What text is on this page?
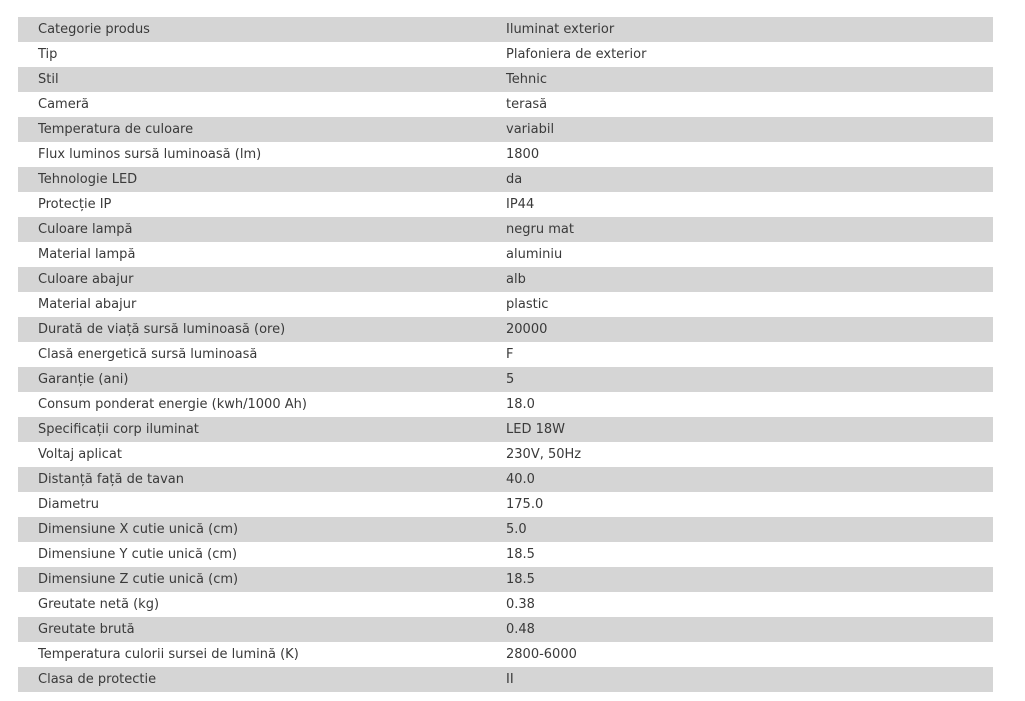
Categorie produs	Iluminat exterior
Tip	Plafoniera de exterior
Stil	Tehnic
Cameră	terasă
Temperatura de culoare	variabil
Flux luminos sursă luminoasă (lm)	1800
Tehnologie LED	da
Protecție IP	IP44
Culoare lampă	negru mat
Material lampă	aluminiu
Culoare abajur	alb
Material abajur	plastic
Durată de viață sursă luminoasă (ore)	20000
Clasă energetică sursă luminoasă	F
Garanție (ani)	5
Consum ponderat energie (kwh/1000 Ah)	18.0
Specificații corp iluminat	LED 18W
Voltaj aplicat	230V, 50Hz
Distanță față de tavan	40.0
Diametru	175.0
Dimensiune X cutie unică (cm)	5.0
Dimensiune Y cutie unică (cm)	18.5
Dimensiune Z cutie unică (cm)	18.5
Greutate netă (kg)	0.38
Greutate brută	0.48
Temperatura culorii sursei de lumină (K)	2800-6000
Clasa de protectie	II
